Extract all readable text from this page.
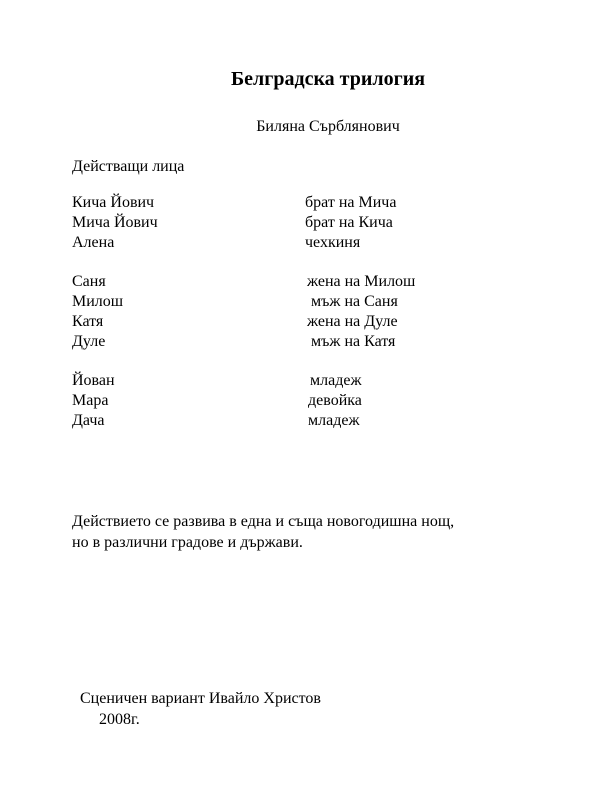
Белградска трилогия
Биляна Сърблянович
Действащи лица
Кича Йович	брат на Мича
Мича Йович	брат на Кича
Алена	чехкиня
Саня	жена на Милош
Милош	мъж на Саня
Катя	жена на Дуле
Дуле	мъж на Катя
Йован	младеж
Мара	девойка
Дача	младеж
Действието се развива в една и съща новогодишна нощ,
но в различни градове и държави.
Сценичен вариант Ивайло Христов
2008г.
